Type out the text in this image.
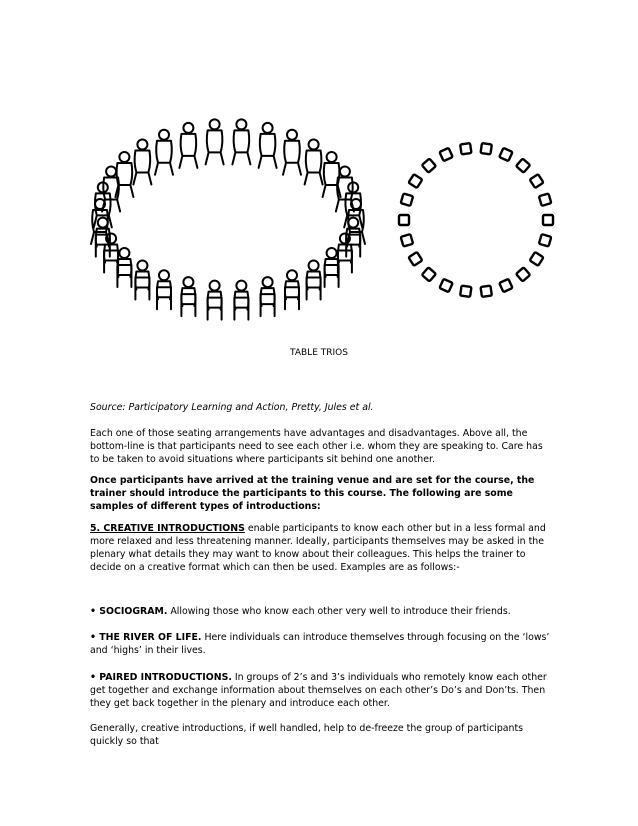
TABLE TRIOS
Source: Participatory Learning and Action, Pretty, Jules et al.
Each one of those seating arrangements have advantages and disadvantages. Above all, the bottom-line is that participants need to see each other i.e. whom they are speaking to. Care has to be taken to avoid situations where participants sit behind one another.
Once participants have arrived at the training venue and are set for the course, the trainer should introduce the participants to this course. The following are some samples of different types of introductions:
5. CREATIVE INTRODUCTIONS enable participants to know each other but in a less formal and more relaxed and less threatening manner. Ideally, participants themselves may be asked in the plenary what details they may want to know about their colleagues. This helps the trainer to decide on a creative format which can then be used. Examples are as follows:-
• SOCIOGRAM. Allowing those who know each other very well to introduce their friends.
• THE RIVER OF LIFE. Here individuals can introduce themselves through focusing on the ‘lows’ and ‘highs’ in their lives.
• PAIRED INTRODUCTIONS. In groups of 2’s and 3’s individuals who remotely know each other get together and exchange information about themselves on each other’s Do’s and Don’ts. Then they get back together in the plenary and introduce each other.
Generally, creative introductions, if well handled, help to de-freeze the group of participants quickly so that
